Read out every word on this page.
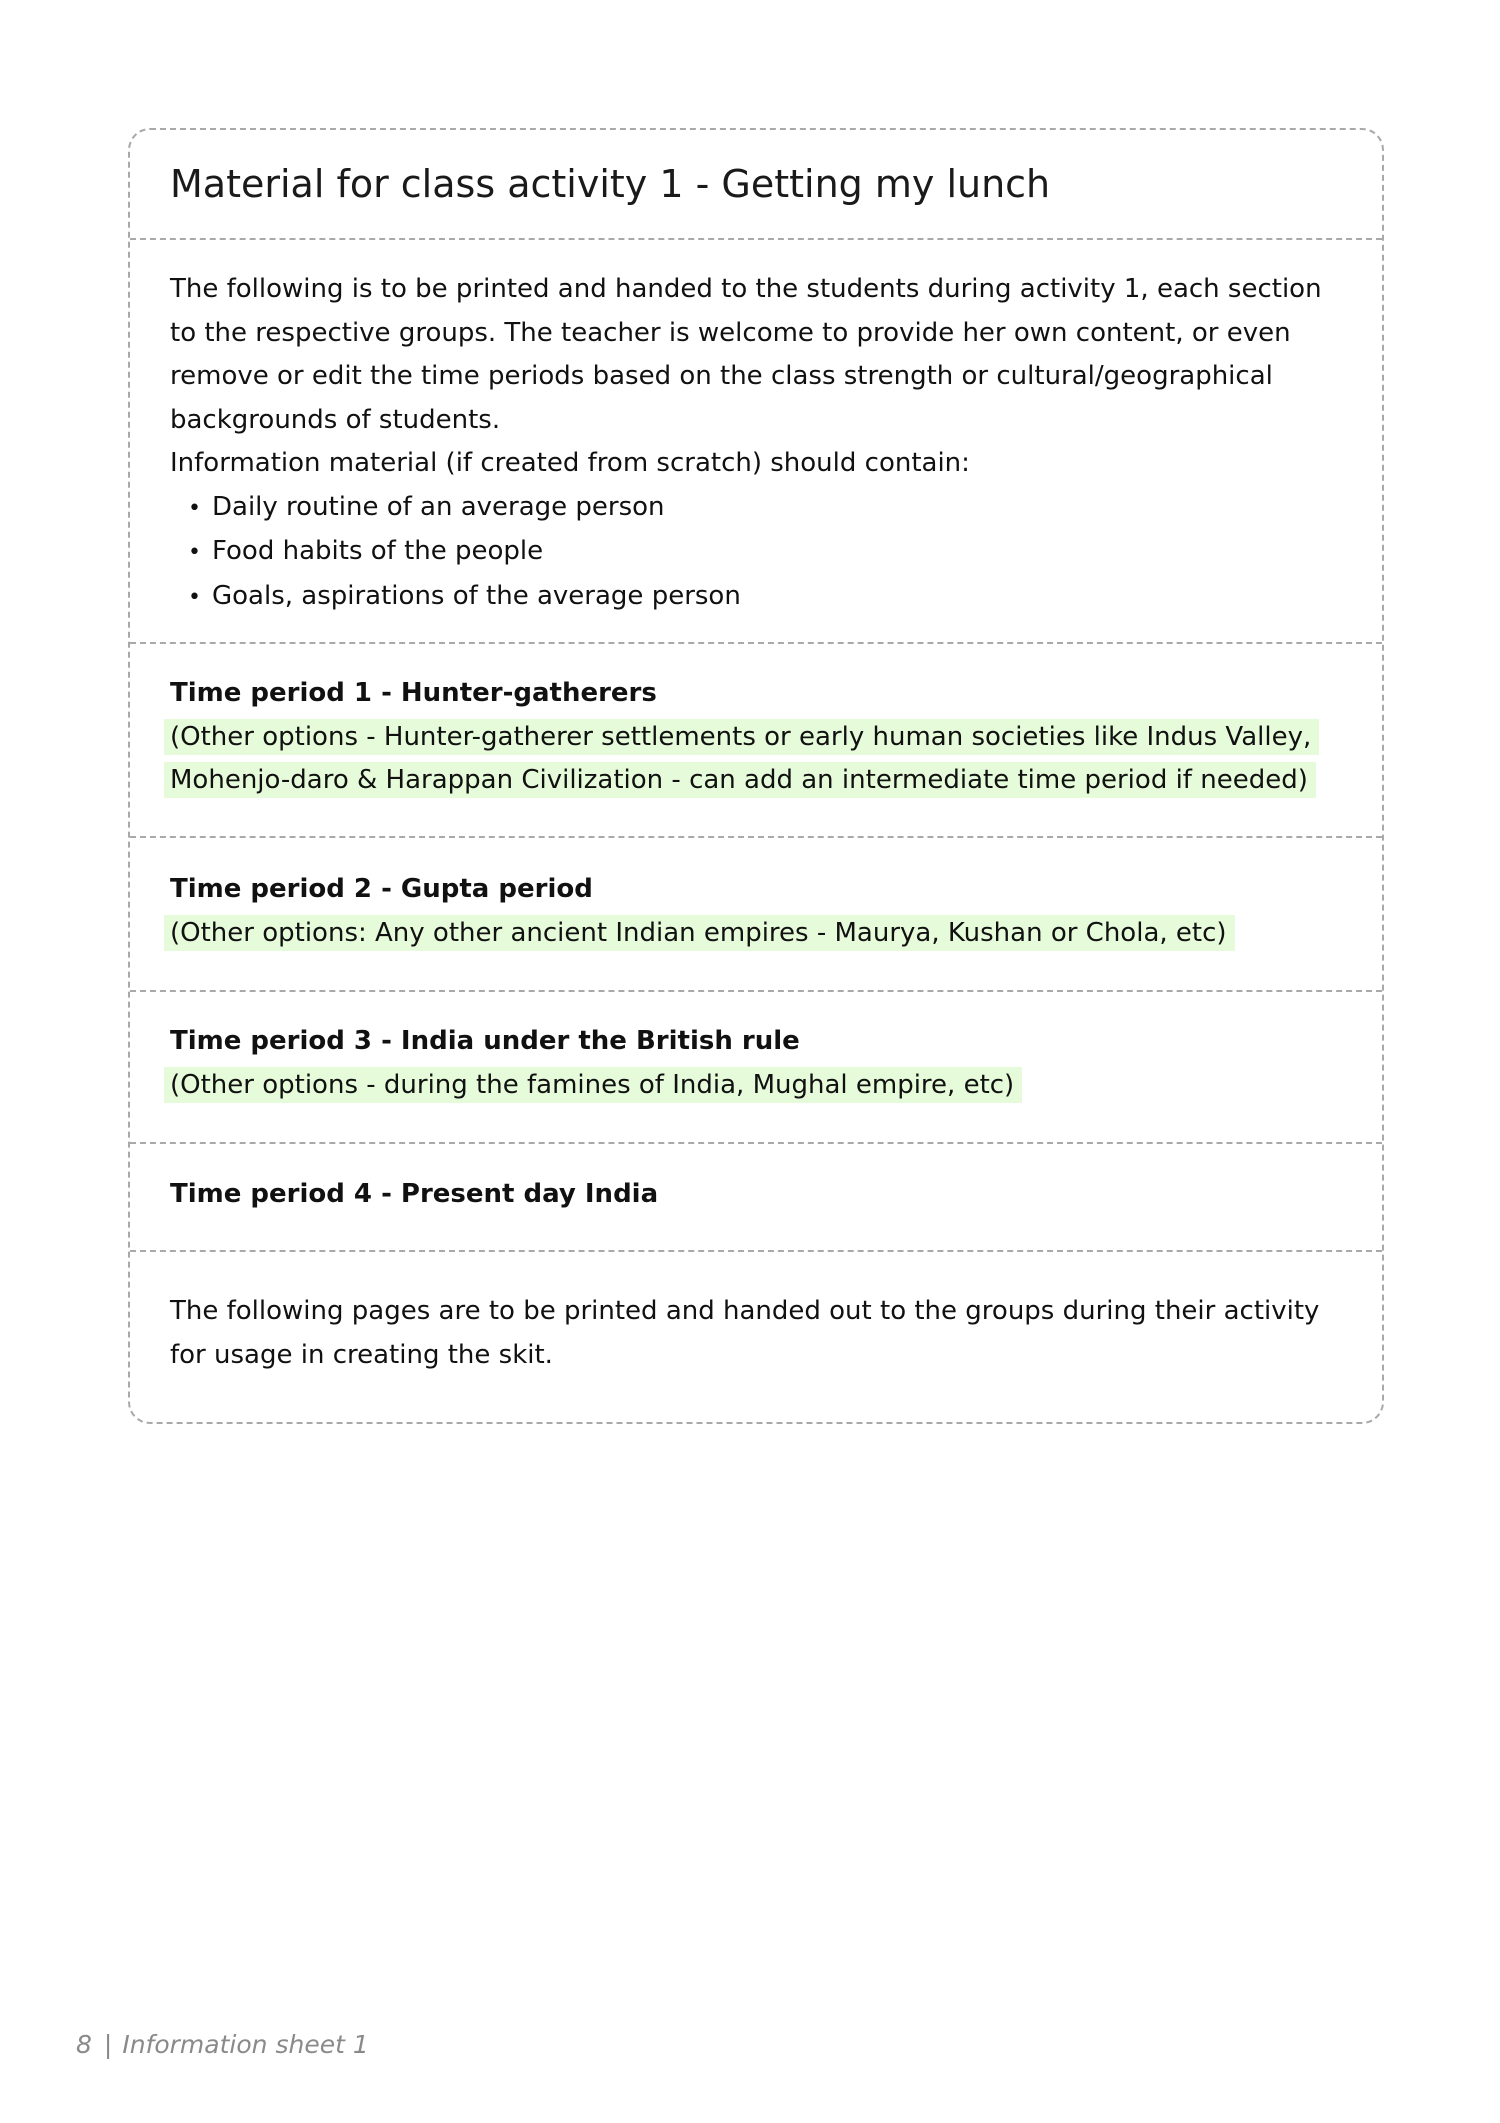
Material for class activity 1 - Getting my lunch

The following is to be printed and handed to the students during activity 1, each section to the respective groups. The teacher is welcome to provide her own content, or even remove or edit the time periods based on the class strength or cultural/geographical backgrounds of students.

Information material (if created from scratch) should contain:

• Daily routine of an average person
• Food habits of the people
• Goals, aspirations of the average person

Time period 1 - Hunter-gatherers

(Other options - Hunter-gatherer settlements or early human societies like Indus Valley,
Mohenjo-daro & Harappan Civilization - can add an intermediate time period if needed)

Time period 2 - Gupta period

(Other options: Any other ancient Indian empires - Maurya, Kushan or Chola, etc)

Time period 3 - India under the British rule

(Other options - during the famines of India, Mughal empire, etc)

Time period 4 - Present day India

The following pages are to be printed and handed out to the groups during their activity for usage in creating the skit.

8 | Information sheet 1
